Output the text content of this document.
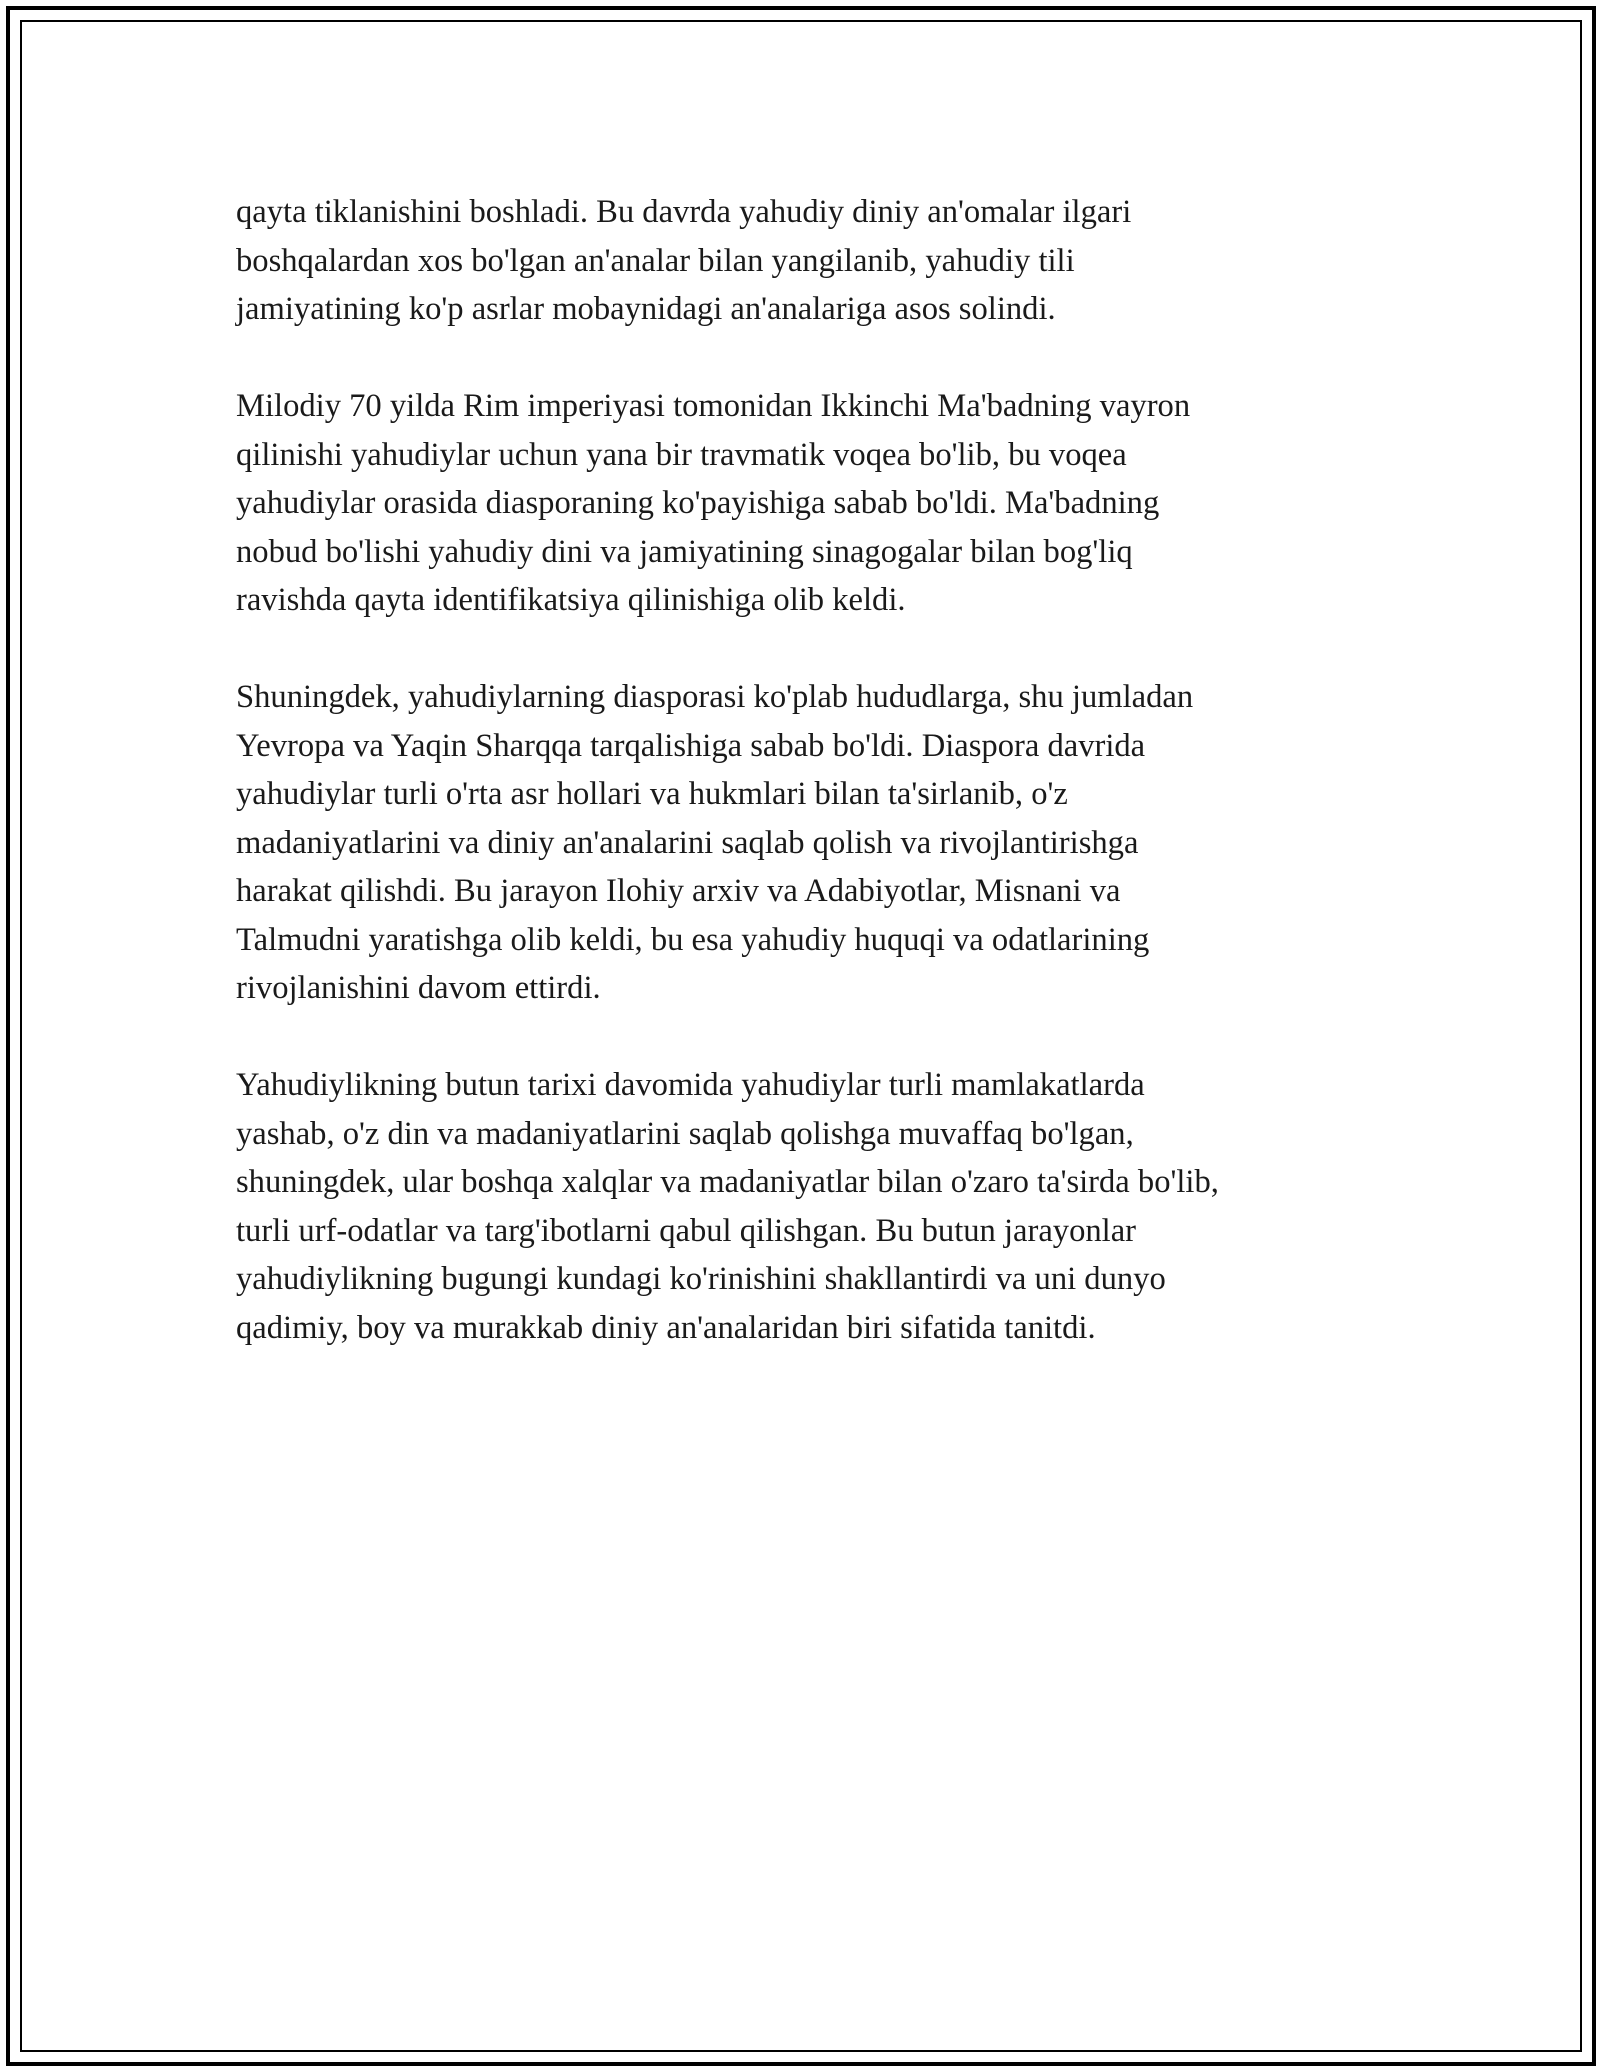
qayta tiklanishini boshladi. Bu davrda yahudiy diniy an'omalar ilgari
boshqalardan xos bo'lgan an'analar bilan yangilanib, yahudiy tili
jamiyatining ko'p asrlar mobaynidagi an'analariga asos solindi.

Milodiy 70 yilda Rim imperiyasi tomonidan Ikkinchi Ma'badning vayron
qilinishi yahudiylar uchun yana bir travmatik voqea bo'lib, bu voqea
yahudiylar orasida diasporaning ko'payishiga sabab bo'ldi. Ma'badning
nobud bo'lishi yahudiy dini va jamiyatining sinagogalar bilan bog'liq
ravishda qayta identifikatsiya qilinishiga olib keldi.

Shuningdek, yahudiylarning diasporasi ko'plab hududlarga, shu jumladan
Yevropa va Yaqin Sharqqa tarqalishiga sabab bo'ldi. Diaspora davrida
yahudiylar turli o'rta asr hollari va hukmlari bilan ta'sirlanib, o'z
madaniyatlarini va diniy an'analarini saqlab qolish va rivojlantirishga
harakat qilishdi. Bu jarayon Ilohiy arxiv va Adabiyotlar, Misnani va
Talmudni yaratishga olib keldi, bu esa yahudiy huquqi va odatlarining
rivojlanishini davom ettirdi.

Yahudiylikning butun tarixi davomida yahudiylar turli mamlakatlarda
yashab, o'z din va madaniyatlarini saqlab qolishga muvaffaq bo'lgan,
shuningdek, ular boshqa xalqlar va madaniyatlar bilan o'zaro ta'sirda bo'lib,
turli urf-odatlar va targ'ibotlarni qabul qilishgan. Bu butun jarayonlar
yahudiylikning bugungi kundagi ko'rinishini shakllantirdi va uni dunyo
qadimiy, boy va murakkab diniy an'analaridan biri sifatida tanitdi.
